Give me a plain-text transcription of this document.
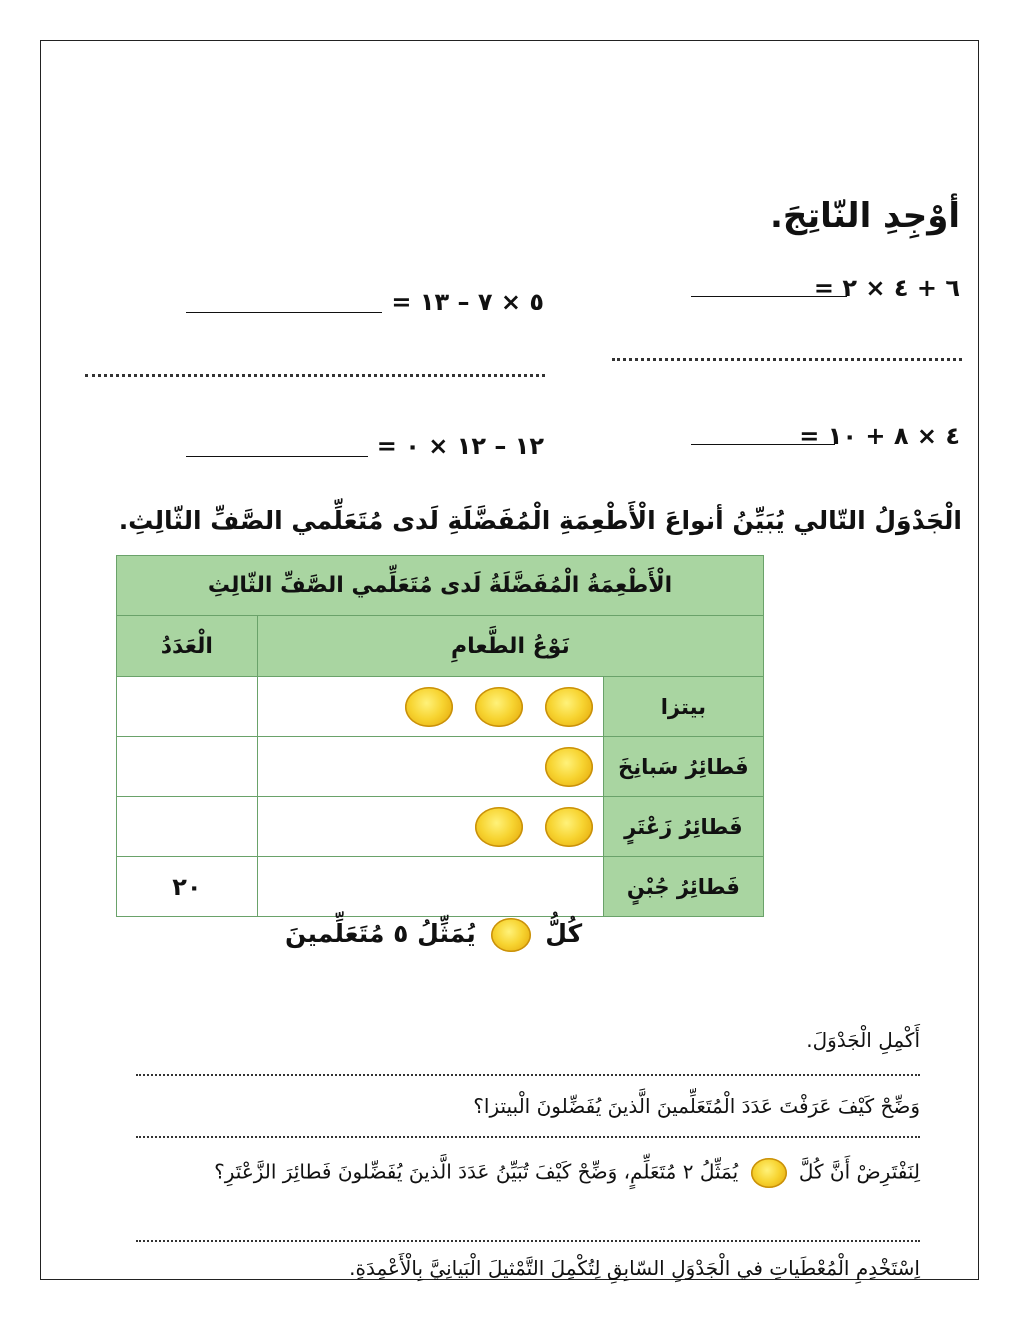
أوْجِدِ النّاتِجَ.
٦ + ٤ × ٢ =
٥ × ٧ – ١٣ =
٤ × ٨ + ١٠ =
١٢ – ١٢ × ٠ =
الْجَدْوَلُ التّالي يُبَيِّنُ أنواعَ الْأَطْعِمَةِ الْمُفَضَّلَةِ لَدى مُتَعَلِّمي الصَّفِّ الثّالِثِ.
الْأَطْعِمَةُ الْمُفَضَّلَةُ لَدى مُتَعَلِّمي الصَّفِّ الثّالِثِ		
نَوْعُ الطَّعامِ		الْعَدَدُ
بيتزا		
فَطائِرُ سَبانِخَ		
فَطائِرُ زَعْتَرٍ		
فَطائِرُ جُبْنٍ		٢٠
كُلُّ  يُمَثِّلُ ٥ مُتَعَلِّمينَ
أَكْمِلِ الْجَدْوَلَ.
وَضِّحْ كَيْفَ عَرَفْتَ عَدَدَ الْمُتَعَلِّمينَ الَّذينَ يُفَضِّلونَ الْبيتزا؟
لِنَفْتَرِضْ أَنَّ كُلَّ  يُمَثِّلُ ٢ مُتَعَلِّمٍ، وَضِّحْ كَيْفَ تُبَيِّنُ عَدَدَ الَّذينَ يُفَضِّلونَ فَطائِرَ الزَّعْتَرِ؟
اِسْتَخْدِمِ الْمُعْطَياتِ في الْجَدْوَلِ السّابِقِ لِتُكْمِلَ التَّمْثيلَ الْبَيانِيَّ بِالْأَعْمِدَةِ.
